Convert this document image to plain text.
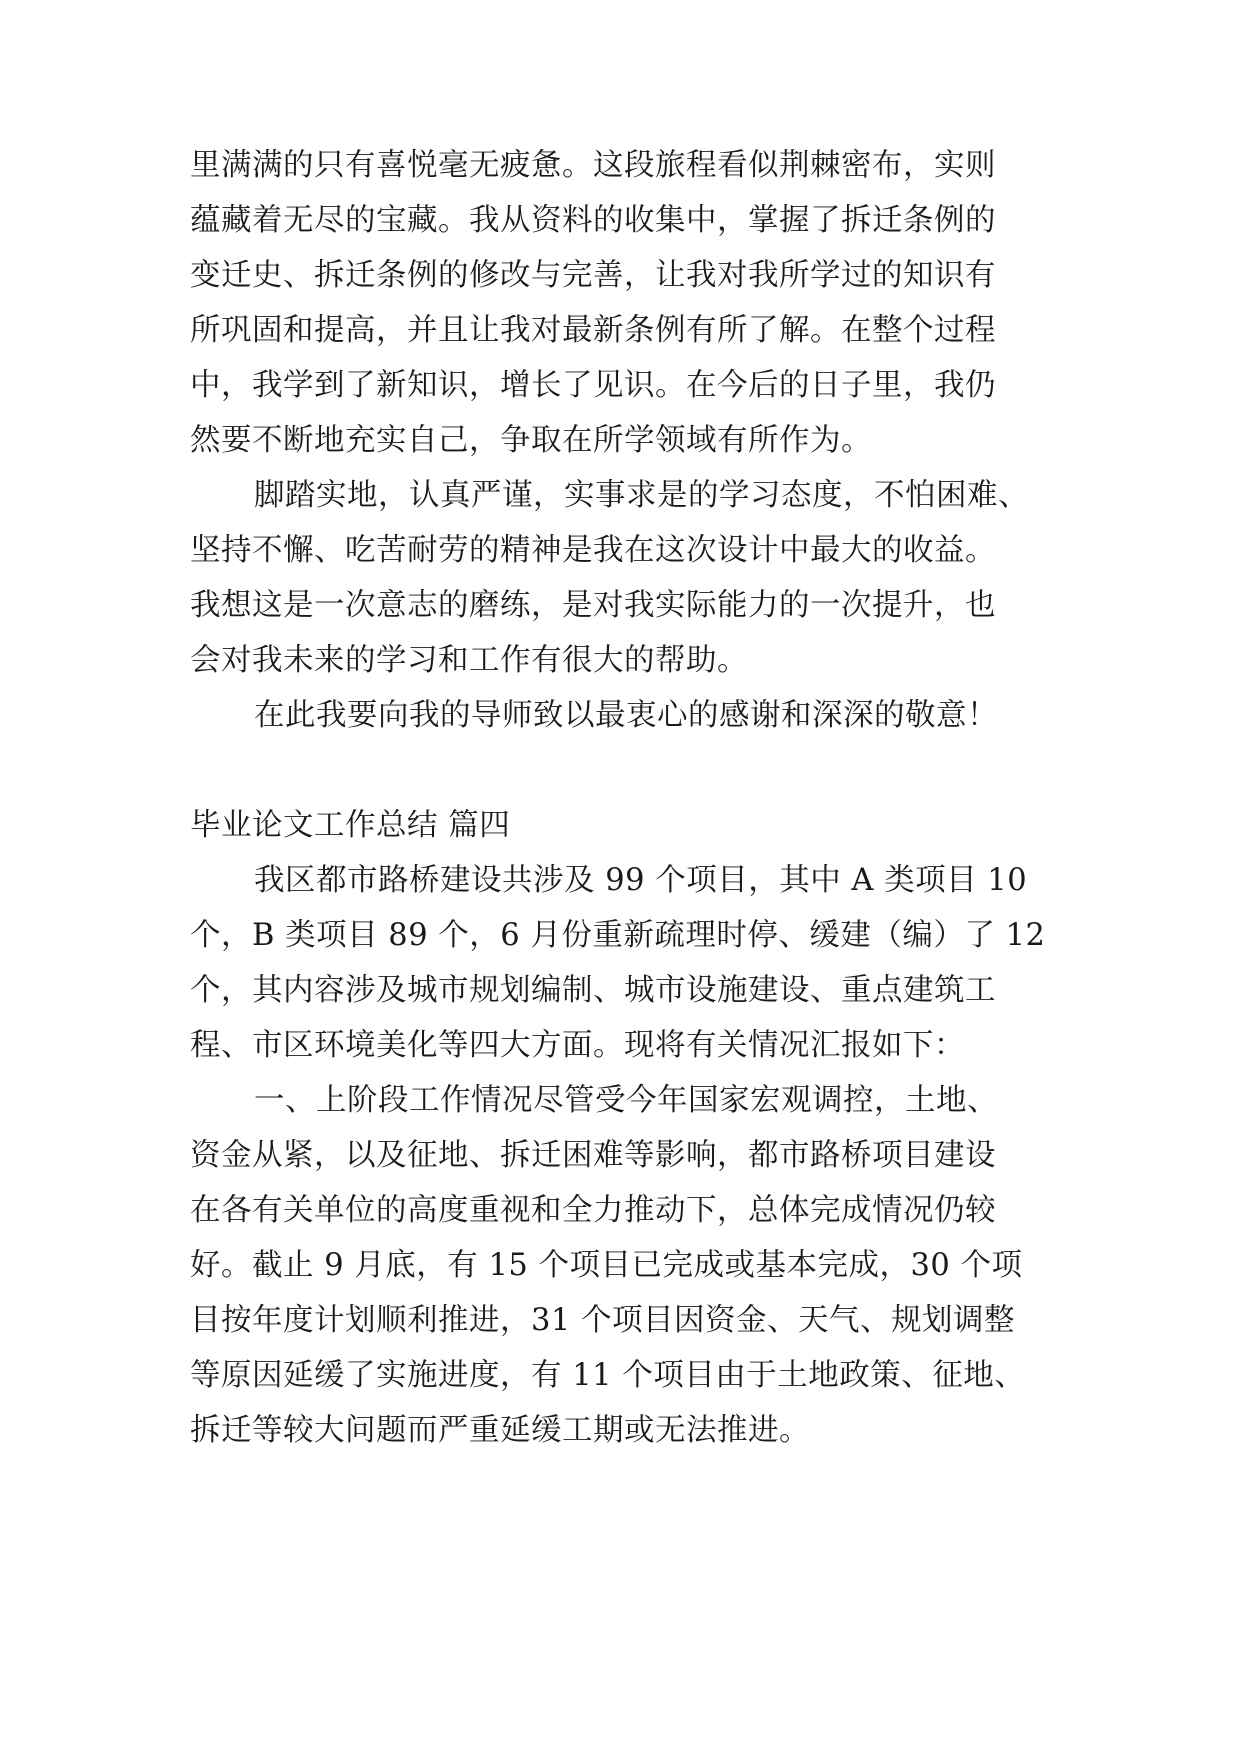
里满满的只有喜悦毫无疲惫。这段旅程看似荆棘密布，实则
蕴藏着无尽的宝藏。我从资料的收集中，掌握了拆迁条例的
变迁史、拆迁条例的修改与完善，让我对我所学过的知识有
所巩固和提高，并且让我对最新条例有所了解。在整个过程
中，我学到了新知识，增长了见识。在今后的日子里，我仍
然要不断地充实自己，争取在所学领域有所作为。
脚踏实地，认真严谨，实事求是的学习态度，不怕困难、
坚持不懈、吃苦耐劳的精神是我在这次设计中最大的收益。
我想这是一次意志的磨练，是对我实际能力的一次提升，也
会对我未来的学习和工作有很大的帮助。
在此我要向我的导师致以最衷心的感谢和深深的敬意！
毕业论文工作总结 篇四
我区都市路桥建设共涉及 99 个项目，其中 A 类项目 10
个，B 类项目 89 个，6 月份重新疏理时停、缓建（编）了 12
个，其内容涉及城市规划编制、城市设施建设、重点建筑工
程、市区环境美化等四大方面。现将有关情况汇报如下：
一、上阶段工作情况尽管受今年国家宏观调控，土地、
资金从紧，以及征地、拆迁困难等影响，都市路桥项目建设
在各有关单位的高度重视和全力推动下，总体完成情况仍较
好。截止 9 月底，有 15 个项目已完成或基本完成，30 个项
目按年度计划顺利推进，31 个项目因资金、天气、规划调整
等原因延缓了实施进度，有 11 个项目由于土地政策、征地、
拆迁等较大问题而严重延缓工期或无法推进。
